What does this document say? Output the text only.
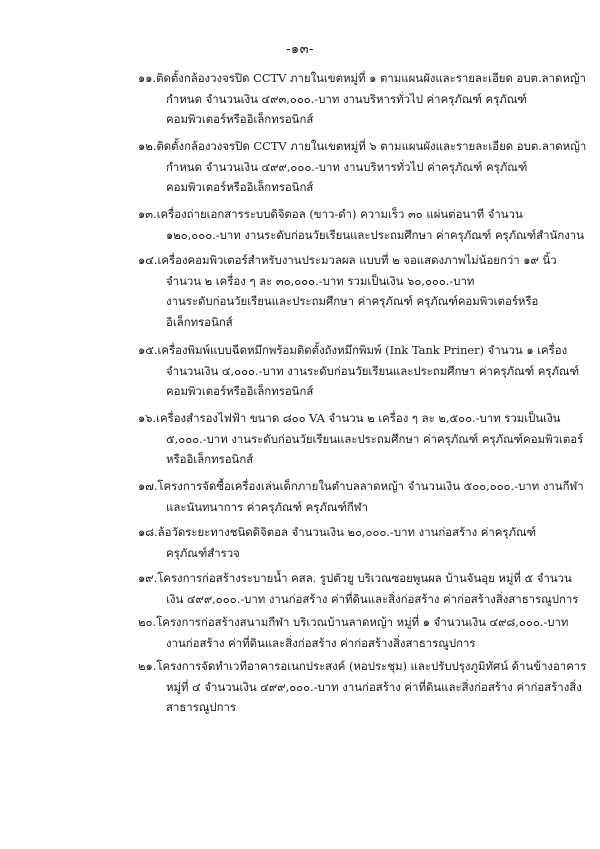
-๑๓-
๑๑.ติดตั้งกล้องวงจรปิด CCTV ภายในเขตหมู่ที่ ๑ ตามแผนผังและรายละเอียด อบต.ลาดหญ้า
กำหนด จำนวนเงิน ๔๙๓,๐๐๐.-บาท งานบริหารทั่วไป ค่าครุภัณฑ์ ครุภัณฑ์
คอมพิวเตอร์หรืออิเล็กทรอนิกส์
๑๒.ติดตั้งกล้องวงจรปิด CCTV ภายในเขตหมู่ที่ ๖ ตามแผนผังและรายละเอียด อบต.ลาดหญ้า
กำหนด จำนวนเงิน ๔๙๙,๐๐๐.-บาท งานบริหารทั่วไป ค่าครุภัณฑ์ ครุภัณฑ์
คอมพิวเตอร์หรืออิเล็กทรอนิกส์
๑๓.เครื่องถ่ายเอกสารระบบดิจิตอล (ขาว-ดำ) ความเร็ว ๓๐ แผ่นต่อนาที จำนวน
๑๒๐,๐๐๐.-บาท งานระดับก่อนวัยเรียนและประถมศึกษา ค่าครุภัณฑ์ ครุภัณฑ์สำนักงาน
๑๔.เครื่องคอมพิวเตอร์สำหรับงานประมวลผล แบบที่ ๒ จอแสดงภาพไม่น้อยกว่า ๑๙ นิ้ว
จำนวน ๒ เครื่อง ๆ ละ ๓๐,๐๐๐.-บาท รวมเป็นเงิน ๖๐,๐๐๐.-บาท
งานระดับก่อนวัยเรียนและประถมศึกษา ค่าครุภัณฑ์ ครุภัณฑ์คอมพิวเตอร์หรือ
อิเล็กทรอนิกส์
๑๕.เครื่องพิมพ์แบบฉีดหมึกพร้อมติดตั้งถังหมึกพิมพ์ (Ink Tank Priner) จำนวน ๑ เครื่อง
จำนวนเงิน ๔,๐๐๐.-บาท งานระดับก่อนวัยเรียนและประถมศึกษา ค่าครุภัณฑ์ ครุภัณฑ์
คอมพิวเตอร์หรืออิเล็กทรอนิกส์
๑๖.เครื่องสำรองไฟฟ้า ขนาด ๘๐๐ VA จำนวน ๒ เครื่อง ๆ ละ ๒,๕๐๐.-บาท รวมเป็นเงิน
๕,๐๐๐.-บาท งานระดับก่อนวัยเรียนและประถมศึกษา ค่าครุภัณฑ์ ครุภัณฑ์คอมพิวเตอร์
หรืออิเล็กทรอนิกส์
๑๗.โครงการจัดซื้อเครื่องเล่นเด็กภายในตำบลลาดหญ้า จำนวนเงิน ๕๐๐,๐๐๐.-บาท งานกีฬา
และนันทนาการ ค่าครุภัณฑ์ ครุภัณฑ์กีฬา
๑๘.ล้อวัดระยะทางชนิดดิจิตอล จำนวนเงิน ๒๐,๐๐๐.-บาท งานก่อสร้าง ค่าครุภัณฑ์
ครุภัณฑ์สำรวจ
๑๙.โครงการก่อสร้างระบายน้ำ คสล. รูปตัวยู บริเวณซอยพูนผล บ้านจันอุย หมู่ที่ ๕ จำนวน
เงิน ๔๙๙,๐๐๐.-บาท งานก่อสร้าง ค่าที่ดินและสิ่งก่อสร้าง ค่าก่อสร้างสิ่งสาธารณูปการ
๒๐.โครงการก่อสร้างสนามกีฬา บริเวณบ้านลาดหญ้า หมู่ที่ ๑ จำนวนเงิน ๔๙๘,๐๐๐.-บาท
งานก่อสร้าง ค่าที่ดินและสิ่งก่อสร้าง ค่าก่อสร้างสิ่งสาธารณูปการ
๒๑.โครงการจัดทำเวทีอาคารอเนกประสงค์ (หอประชุม) และปรับปรุงภูมิทัศน์ ด้านข้างอาคาร
หมู่ที่ ๔ จำนวนเงิน ๔๙๙,๐๐๐.-บาท งานก่อสร้าง ค่าที่ดินและสิ่งก่อสร้าง ค่าก่อสร้างสิ่ง
สาธารณูปการ
